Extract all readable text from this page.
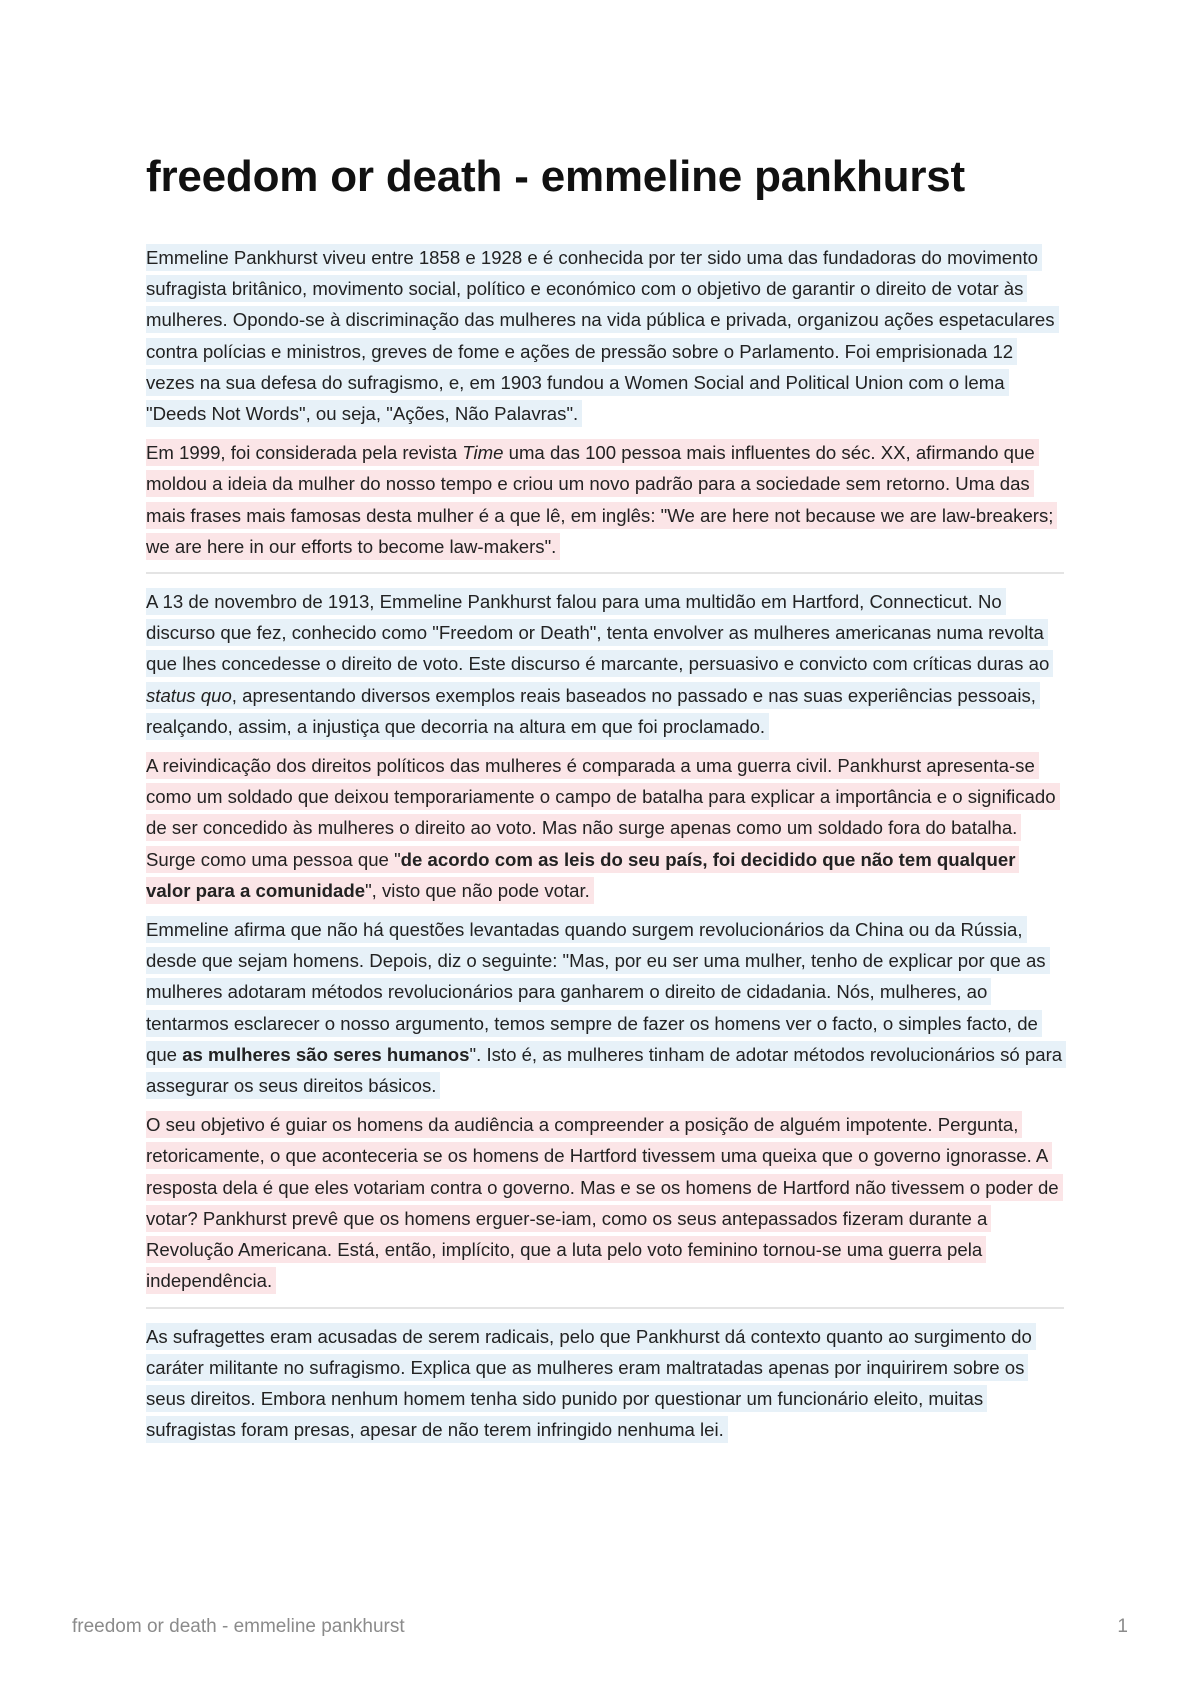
freedom or death - emmeline pankhurst

Emmeline Pankhurst viveu entre 1858 e 1928 e é conhecida por ter sido uma das fundadoras do movimento sufragista britânico, movimento social, político e económico com o objetivo de garantir o direito de votar às mulheres. Opondo-se à discriminação das mulheres na vida pública e privada, organizou ações espetaculares contra polícias e ministros, greves de fome e ações de pressão sobre o Parlamento. Foi emprisionada 12 vezes na sua defesa do sufragismo, e, em 1903 fundou a Women Social and Political Union com o lema "Deeds Not Words", ou seja, "Ações, Não Palavras".

Em 1999, foi considerada pela revista Time uma das 100 pessoa mais influentes do séc. XX, afirmando que moldou a ideia da mulher do nosso tempo e criou um novo padrão para a sociedade sem retorno. Uma das mais frases mais famosas desta mulher é a que lê, em inglês: "We are here not because we are law-breakers; we are here in our efforts to become law-makers".

A 13 de novembro de 1913, Emmeline Pankhurst falou para uma multidão em Hartford, Connecticut. No discurso que fez, conhecido como "Freedom or Death", tenta envolver as mulheres americanas numa revolta que lhes concedesse o direito de voto. Este discurso é marcante, persuasivo e convicto com críticas duras ao status quo, apresentando diversos exemplos reais baseados no passado e nas suas experiências pessoais, realçando, assim, a injustiça que decorria na altura em que foi proclamado.

A reivindicação dos direitos políticos das mulheres é comparada a uma guerra civil. Pankhurst apresenta-se como um soldado que deixou temporariamente o campo de batalha para explicar a importância e o significado de ser concedido às mulheres o direito ao voto. Mas não surge apenas como um soldado fora do batalha. Surge como uma pessoa que "de acordo com as leis do seu país, foi decidido que não tem qualquer valor para a comunidade", visto que não pode votar.

Emmeline afirma que não há questões levantadas quando surgem revolucionários da China ou da Rússia, desde que sejam homens. Depois, diz o seguinte: "Mas, por eu ser uma mulher, tenho de explicar por que as mulheres adotaram métodos revolucionários para ganharem o direito de cidadania. Nós, mulheres, ao tentarmos esclarecer o nosso argumento, temos sempre de fazer os homens ver o facto, o simples facto, de que as mulheres são seres humanos". Isto é, as mulheres tinham de adotar métodos revolucionários só para assegurar os seus direitos básicos.

O seu objetivo é guiar os homens da audiência a compreender a posição de alguém impotente. Pergunta, retoricamente, o que aconteceria se os homens de Hartford tivessem uma queixa que o governo ignorasse. A resposta dela é que eles votariam contra o governo. Mas e se os homens de Hartford não tivessem o poder de votar? Pankhurst prevê que os homens erguer-se-iam, como os seus antepassados fizeram durante a Revolução Americana. Está, então, implícito, que a luta pelo voto feminino tornou-se uma guerra pela independência.

As sufragettes eram acusadas de serem radicais, pelo que Pankhurst dá contexto quanto ao surgimento do caráter militante no sufragismo. Explica que as mulheres eram maltratadas apenas por inquirirem sobre os seus direitos. Embora nenhum homem tenha sido punido por questionar um funcionário eleito, muitas sufragistas foram presas, apesar de não terem infringido nenhuma lei.

freedom or death - emmeline pankhurst	1
